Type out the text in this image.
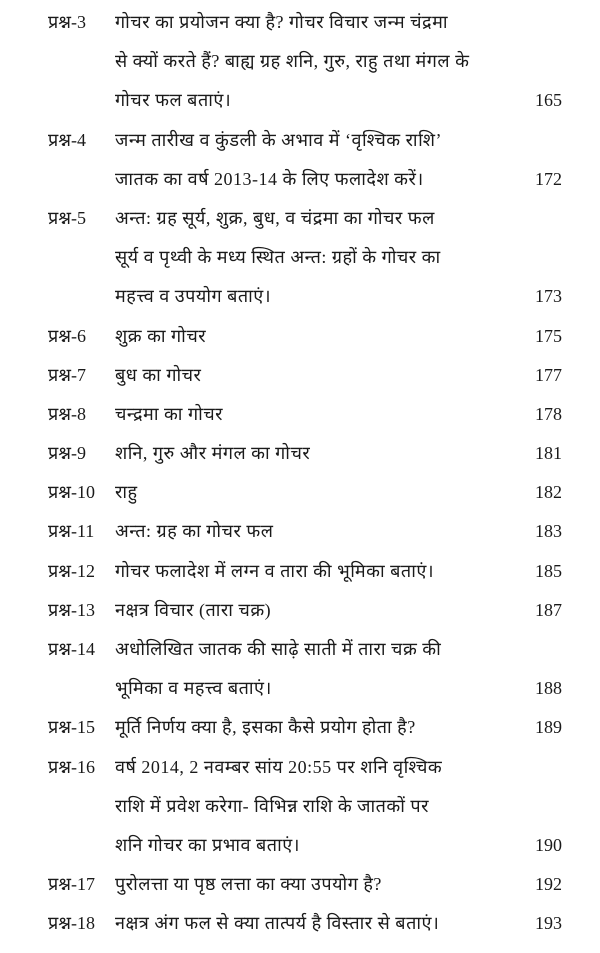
प्रश्न-3 गोचर का प्रयोजन क्या है? गोचर विचार जन्म चंद्रमा
से क्यों करते हैं? बाह्य ग्रह शनि, गुरु, राहु तथा मंगल के
गोचर फल बताएं।	165
प्रश्न-4 जन्म तारीख व कुंडली के अभाव में ‘वृश्चिक राशि’
जातक का वर्ष 2013-14 के लिए फलादेश करें।	172
प्रश्न-5 अन्त: ग्रह सूर्य, शुक्र, बुध, व चंद्रमा का गोचर फल
सूर्य व पृथ्वी के मध्य स्थित अन्त: ग्रहों के गोचर का
महत्त्व व उपयोग बताएं।	173
प्रश्न-6 शुक्र का गोचर	175
प्रश्न-7 बुध का गोचर	177
प्रश्न-8 चन्द्रमा का गोचर	178
प्रश्न-9 शनि, गुरु और मंगल का गोचर	181
प्रश्न-10 राहु	182
प्रश्न-11 अन्त: ग्रह का गोचर फल	183
प्रश्न-12 गोचर फलादेश में लग्न व तारा की भूमिका बताएं।	185
प्रश्न-13 नक्षत्र विचार (तारा चक्र)	187
प्रश्न-14 अधोलिखित जातक की साढ़े साती में तारा चक्र की
भूमिका व महत्त्व बताएं।	188
प्रश्न-15 मूर्ति निर्णय क्या है, इसका कैसे प्रयोग होता है?	189
प्रश्न-16 वर्ष 2014, 2 नवम्बर सांय 20:55 पर शनि वृश्चिक
राशि में प्रवेश करेगा- विभिन्न राशि के जातकों पर
शनि गोचर का प्रभाव बताएं।	190
प्रश्न-17 पुरोलत्ता या पृष्ठ लत्ता का क्या उपयोग है?	192
प्रश्न-18 नक्षत्र अंग फल से क्या तात्पर्य है विस्तार से बताएं।	193
